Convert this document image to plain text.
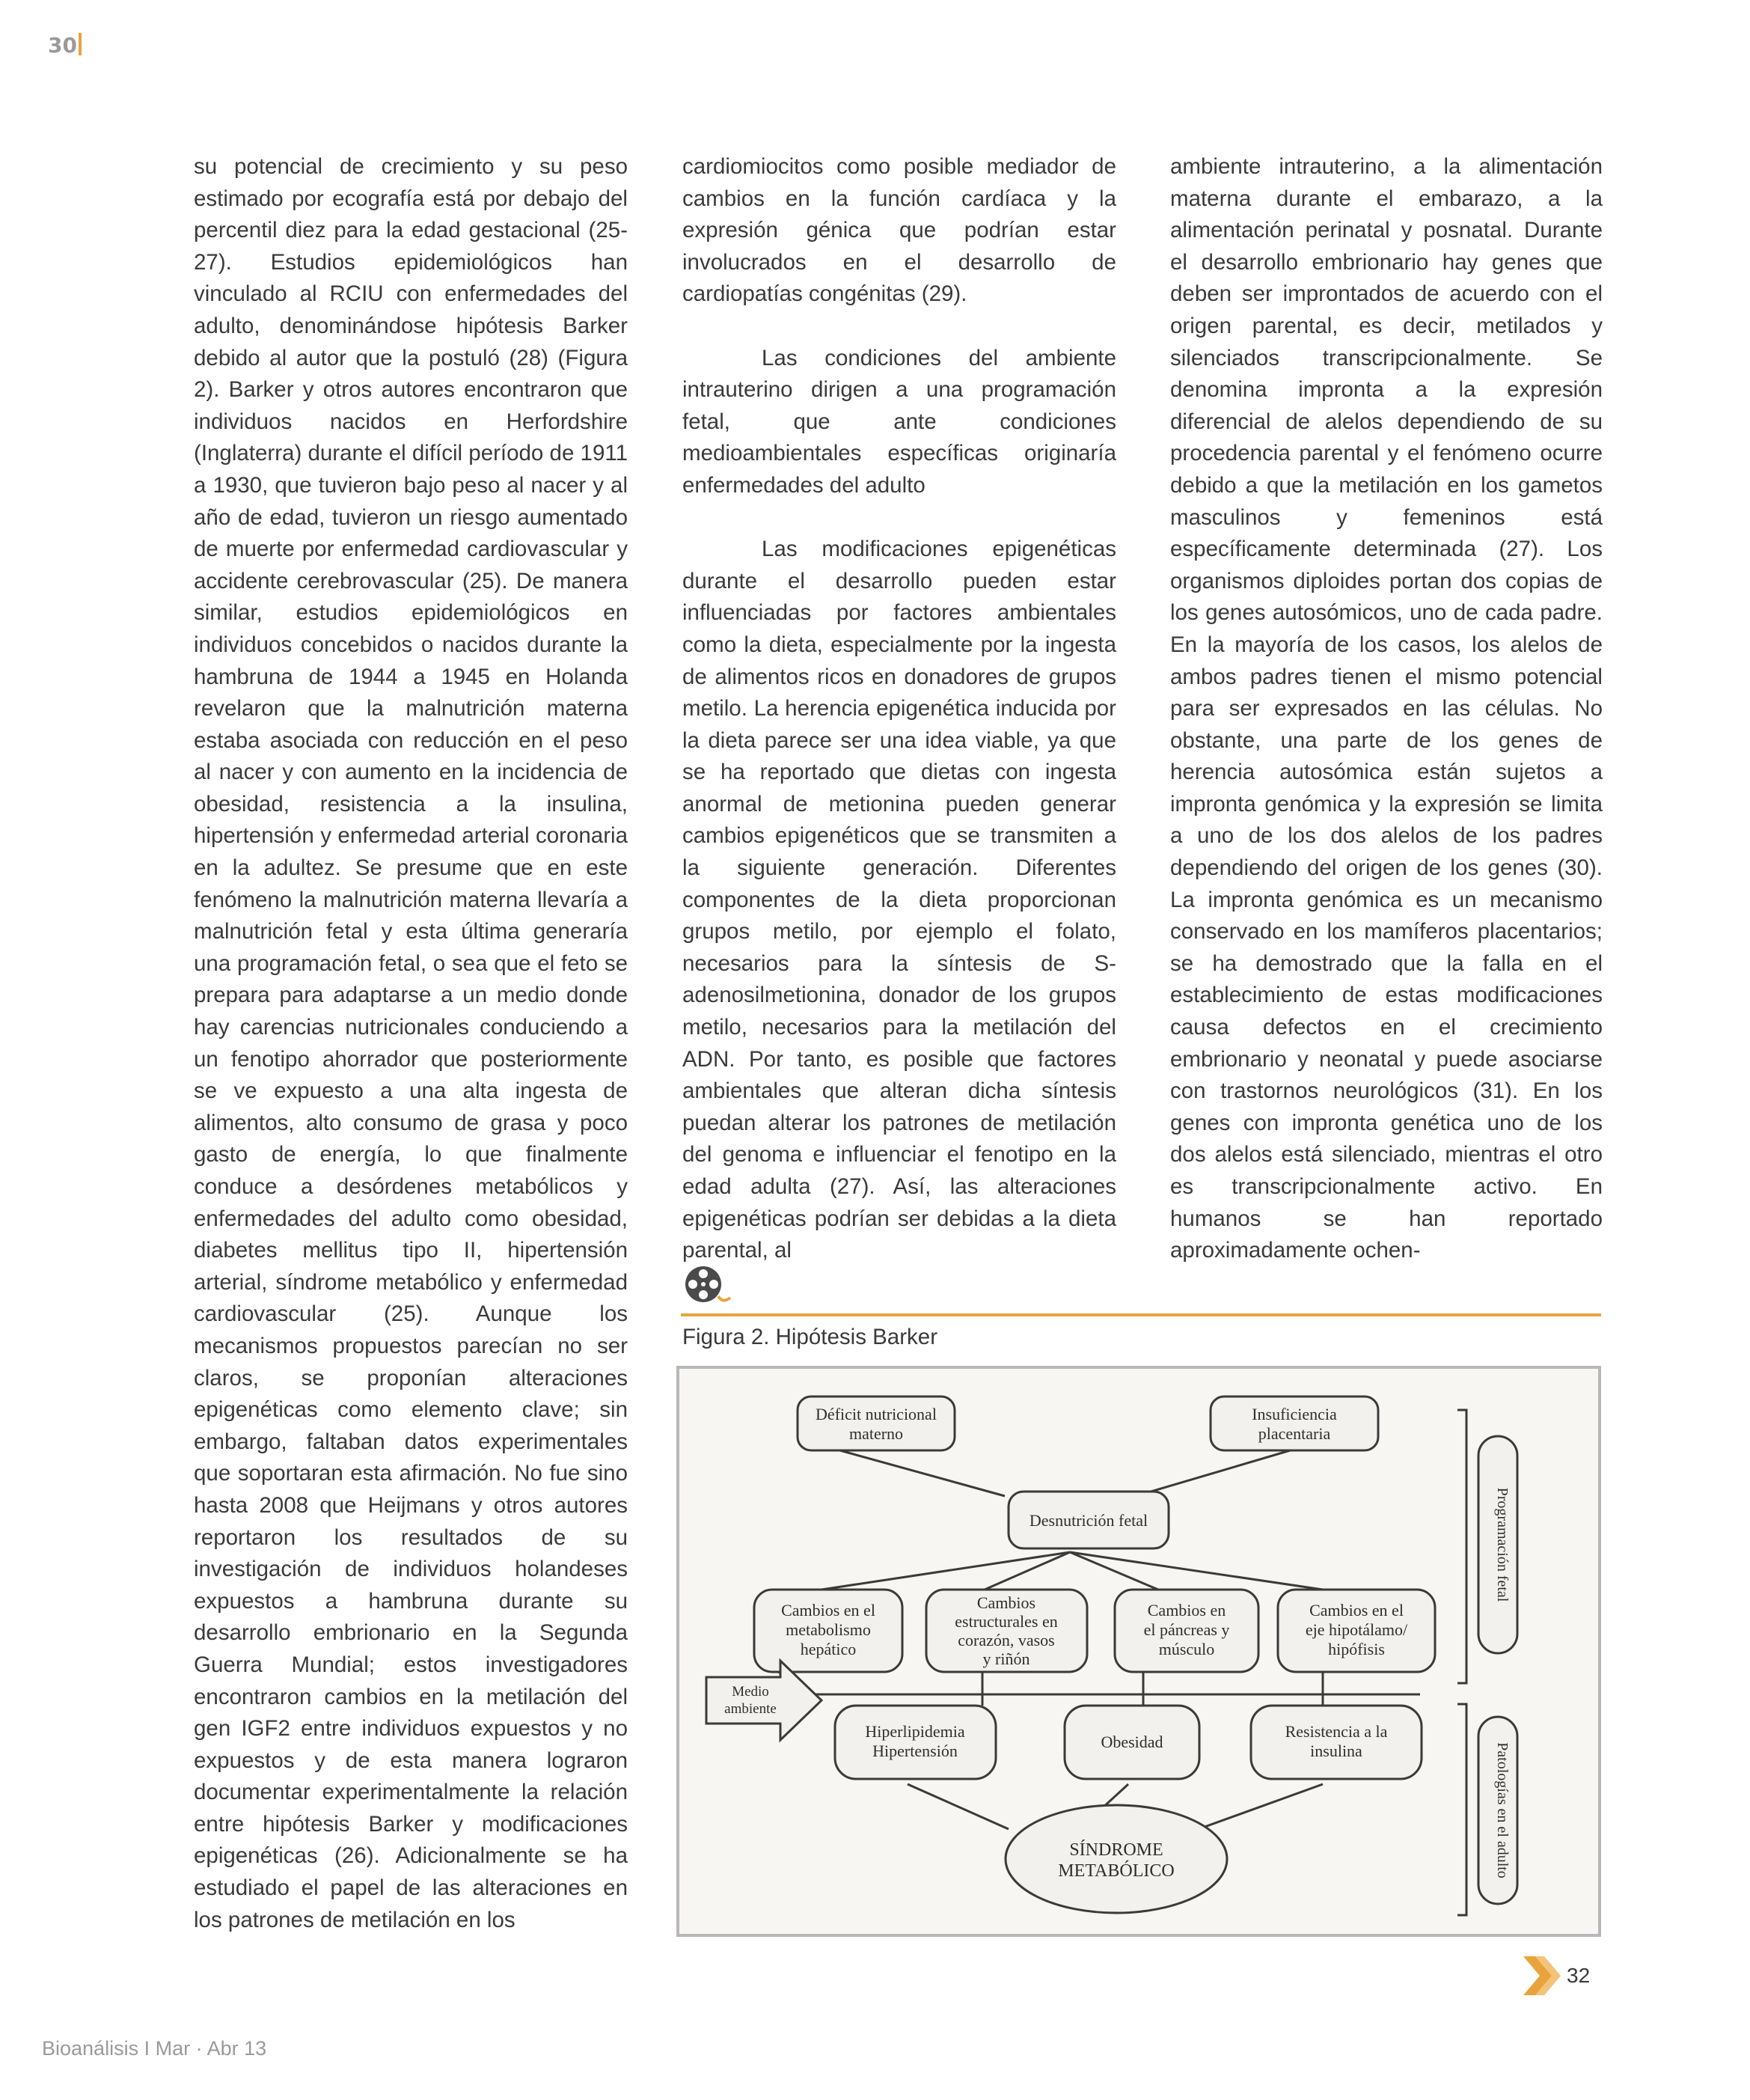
30

su potencial de crecimiento y su peso estimado por ecografía está por debajo del percentil diez para la edad gestacional (25-27). Estudios epidemiológicos han vinculado al RCIU con enfermedades del adulto, denominándose hipótesis Barker debido al autor que la postuló (28) (Figura 2). Barker y otros autores encontraron que individuos nacidos en Herfordshire (Inglaterra) durante el difícil período de 1911 a 1930, que tuvieron bajo peso al nacer y al año de edad, tuvieron un riesgo aumentado de muerte por enfermedad cardiovascular y accidente cerebrovascular (25). De manera similar, estudios epidemiológicos en individuos concebidos o nacidos durante la hambruna de 1944 a 1945 en Holanda revelaron que la malnutrición materna estaba asociada con reducción en el peso al nacer y con aumento en la incidencia de obesidad, resistencia a la insulina, hipertensión y enfermedad arterial coronaria en la adultez. Se presume que en este fenómeno la malnutrición materna llevaría a malnutrición fetal y esta última generaría una programación fetal, o sea que el feto se prepara para adaptarse a un medio donde hay carencias nutricionales conduciendo a un fenotipo ahorrador que posteriormente se ve expuesto a una alta ingesta de alimentos, alto consumo de grasa y poco gasto de energía, lo que finalmente conduce a desórdenes metabólicos y enfermedades del adulto como obesidad, diabetes mellitus tipo II, hipertensión arterial, síndrome metabólico y enfermedad cardiovascular (25). Aunque los mecanismos propuestos parecían no ser claros, se proponían alteraciones epigenéticas como elemento clave; sin embargo, faltaban datos experimentales que soportaran esta afirmación. No fue sino hasta 2008 que Heijmans y otros autores reportaron los resultados de su investigación de individuos holandeses expuestos a hambruna durante su desarrollo embrionario en la Segunda Guerra Mundial; estos investigadores encontraron cambios en la metilación del gen IGF2 entre individuos expuestos y no expuestos y de esta manera lograron documentar experimentalmente la relación entre hipótesis Barker y modificaciones epigenéticas (26). Adicionalmente se ha estudiado el papel de las alteraciones en los patrones de metilación en los

cardiomiocitos como posible mediador de cambios en la función cardíaca y la expresión génica que podrían estar involucrados en el desarrollo de cardiopatías congénitas (29).

Las condiciones del ambiente intrauterino dirigen a una programación fetal, que ante condiciones medioambientales específicas originaría enfermedades del adulto

Las modificaciones epigenéticas durante el desarrollo pueden estar influenciadas por factores ambientales como la dieta, especialmente por la ingesta de alimentos ricos en donadores de grupos metilo. La herencia epigenética inducida por la dieta parece ser una idea viable, ya que se ha reportado que dietas con ingesta anormal de metionina pueden generar cambios epigenéticos que se transmiten a la siguiente generación. Diferentes componentes de la dieta proporcionan grupos metilo, por ejemplo el folato, necesarios para la síntesis de S-adenosilmetionina, donador de los grupos metilo, necesarios para la metilación del ADN. Por tanto, es posible que factores ambientales que alteran dicha síntesis puedan alterar los patrones de metilación del genoma e influenciar el fenotipo en la edad adulta (27). Así, las alteraciones epigenéticas podrían ser debidas a la dieta parental, al

ambiente intrauterino, a la alimentación materna durante el embarazo, a la alimentación perinatal y posnatal. Durante el desarrollo embrionario hay genes que deben ser improntados de acuerdo con el origen parental, es decir, metilados y silenciados transcripcionalmente. Se denomina impronta a la expresión diferencial de alelos dependiendo de su procedencia parental y el fenómeno ocurre debido a que la metilación en los gametos masculinos y femeninos está específicamente determinada (27). Los organismos diploides portan dos copias de los genes autosómicos, uno de cada padre. En la mayoría de los casos, los alelos de ambos padres tienen el mismo potencial para ser expresados en las células. No obstante, una parte de los genes de herencia autosómica están sujetos a impronta genómica y la expresión se limita a uno de los dos alelos de los padres dependiendo del origen de los genes (30). La impronta genómica es un mecanismo conservado en los mamíferos placentarios; se ha demostrado que la falla en el establecimiento de estas modificaciones causa defectos en el crecimiento embrionario y neonatal y puede asociarse con trastornos neurológicos (31). En los genes con impronta genética uno de los dos alelos está silenciado, mientras el otro es transcripcionalmente activo. En humanos se han reportado aproximadamente ochen-

Figura 2. Hipótesis Barker
Déficit nutricional
materno
Insuficiencia
placentaria
Desnutrición fetal
Cambios en el
metabolismo
hepático
Cambios
estructurales en
corazón, vasos
y riñón
Cambios en
el páncreas y
músculo
Cambios en el
eje hipotálamo/
hipófisis
Hiperlipidemia
Hipertensión	Obesidad
Resistencia a la
insulina
SÍNDROME
METABÓLICO
Medio
ambiente
Programación fetal
Patologías en el adulto
32
Bioanálisis I Mar · Abr 13
